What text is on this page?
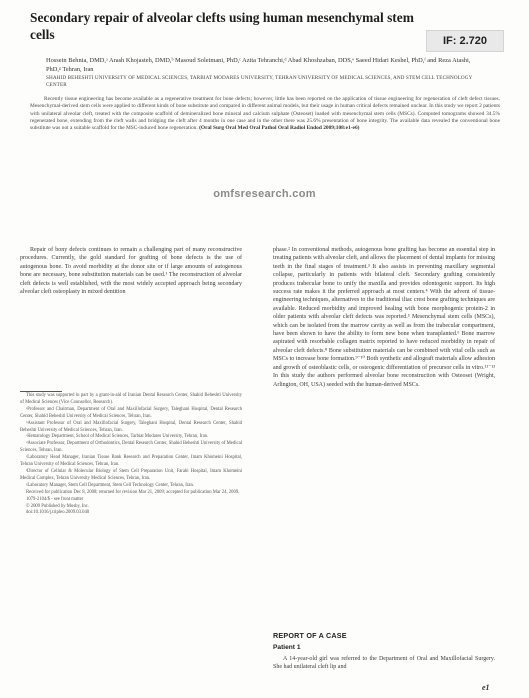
Secondary repair of alveolar clefts using human mesenchymal stem cells	IF: 2.720
Hossein Behnia, DMD,ᵃ Arash Khojasteh, DMD,ᵇ Masoud Soleimani, PhD,ᶜ Azita Tehranchi,ᵈ Abad Khoshzaban, DDS,ᵉ Saeed Hidari Keshel, PhD,ᶠ and Reza Atashi, PhD,ᵍ Tehran, Iran
SHAHID BEHESHTI UNIVERSITY OF MEDICAL SCIENCES, TARBIAT MODARES UNIVERSITY, TEHRAN UNIVERSITY OF MEDICAL SCIENCES, AND STEM CELL TECHNOLOGY CENTER
Recently tissue engineering has become available as a regenerative treatment for bone defects; however, little has been reported on the application of tissue engineering for regeneration of cleft defect tissues. Mesenchymal-derived stem cells were applied to different kinds of bone substitute and compared in different animal models, but their usage in human critical defects remained unclear. In this study we report 2 patients with unilateral alveolar cleft, treated with the composite scaffold of demineralized bone mineral and calcium sulphate (Osteoset) loaded with mesenchymal stem cells (MSCs). Computed tomograms showed 34.5% regenerated bone, extending from the cleft walls and bridging the cleft after 4 months in one case and in the other there was 25.6% presentation of bone integrity. The available data revealed the conventional bone substitute was not a suitable scaffold for the MSC-induced bone regeneration. (Oral Surg Oral Med Oral Pathol Oral Radiol Endod 2009;108:e1-e6)
omfsresearch.com

Repair of bony defects continues to remain a challenging part of many reconstructive procedures. Currently, the gold standard for grafting of bone defects is the use of autogenous bone. To avoid morbidity at the donor site or if large amounts of autogenous bone are necessary, bone substitution materials can be used.¹ The reconstruction of alveolar cleft defects is well established, with the most widely accepted approach being secondary alveolar cleft osteoplasty in mixed dentition

This study was supported in part by a grant-in-aid of Iranian Dental Research Center, Shahid Beheshti University of Medical Sciences (Vice Counsellor, Research).

ᵃProfessor and Chairman, Department of Oral and Maxillofacial Surgery, Taleghani Hospital, Dental Research Center, Shahid Beheshti University of Medical Sciences, Tehran, Iran.

ᵇAssistant Professor of Oral and Maxillofacial Surgery, Taleghani Hospital, Dental Research Center, Shahid Beheshti University of Medical Sciences, Tehran, Iran.

ᶜHematology Department, School of Medical Sciences, Tarbiat Modares University, Tehran, Iran.

ᵈAssociate Professor, Department of Orthodontics, Dental Research Center, Shahid Beheshti University of Medical Sciences, Tehran, Iran.

ᵉLaboratory Head Manager, Iranian Tissue Bank Research and Preparation Center, Imam Khomeini Hospital, Tehran University of Medical Sciences, Tehran, Iran.

ᶠDirector of Cellular & Molecular Biology of Stem Cell Preparation Unit, Farabi Hospital, Imam Khomeini Medical Complex, Tehran University Medical Sciences, Tehran, Iran.

ᵍLaboratory Manager, Stem Cell Department, Stem Cell Technology Center, Tehran, Iran.

Received for publication Dec 8, 2008; returned for revision Mar 21, 2009; accepted for publication Mar 24, 2009.

1079-2104/$ - see front matter

© 2009 Published by Mosby, Inc.

doi:10.1016/j.tripleo.2009.03.040

phase.² In conventional methods, autogenous bone grafting has become an essential step in treating patients with alveolar cleft, and allows the placement of dental implants for missing teeth in the final stages of treatment.³ It also assists in preventing maxillary segmental collapse, particularly in patients with bilateral cleft. Secondary grafting consistently produces trabecular bone to unify the maxilla and provides odontogenic support. Its high success rate makes it the preferred approach at most centers.⁴ With the advent of tissue-engineering techniques, alternatives to the traditional iliac crest bone grafting techniques are available. Reduced morbidity and improved healing with bone morphogenic protein-2 in older patients with alveolar cleft defects was reported.⁵ Mesenchymal stem cells (MSCs), which can be isolated from the marrow cavity as well as from the trabecular compartment, have been shown to have the ability to form new bone when transplanted.⁶ Bone marrow aspirated with resorbable collagen matrix reported to have reduced morbidity in repair of alveolar cleft defects.⁸ Bone substitution materials can be combined with vital cells such as MSCs to increase bone formation.⁹⁻¹⁰ Both synthetic and allograft materials allow adhesion and growth of osteoblastic cells, or osteogenic differentiation of precursor cells in vitro.¹¹⁻¹³ In this study the authors performed alveolar bone reconstruction with Osteoset (Wright, Arlington, OH, USA) seeded with the human-derived MSCs.

REPORT OF A CASE
Patient 1

A 14-year-old girl was referred to the Department of Oral and Maxillofacial Surgery. She had unilateral cleft lip and

e1
